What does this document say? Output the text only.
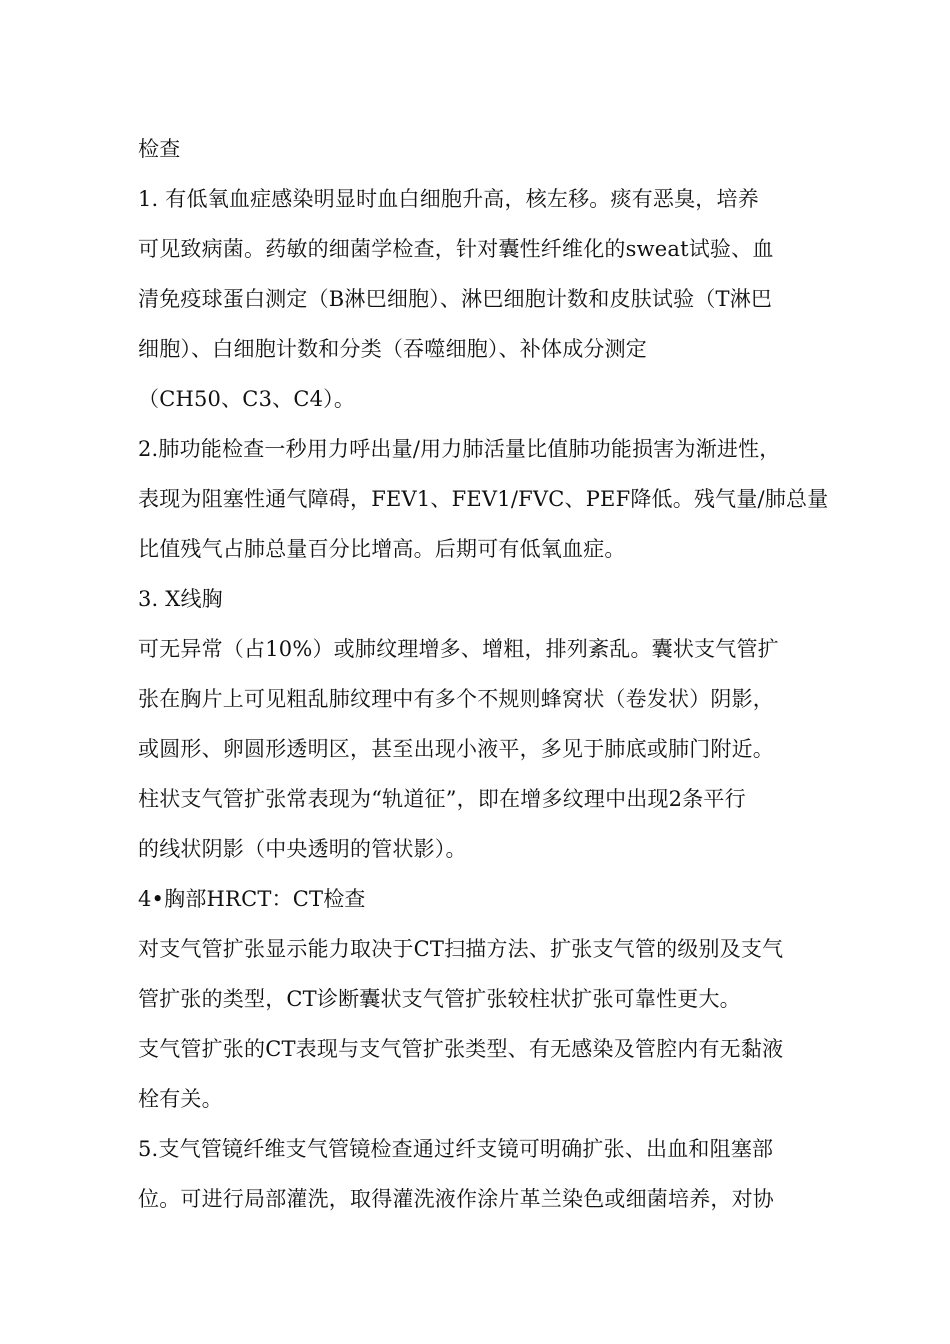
检查
1. 有低氧血症感染明显时血白细胞升高，核左移。痰有恶臭，培养
可见致病菌。药敏的细菌学检查，针对囊性纤维化的sweat试验、血
清免疫球蛋白测定（B淋巴细胞）、淋巴细胞计数和皮肤试验（T淋巴
细胞）、白细胞计数和分类（吞噬细胞）、补体成分测定
（CH50、C3、C4）。
2.肺功能检查一秒用力呼出量/用力肺活量比值肺功能损害为渐进性，
表现为阻塞性通气障碍，FEV1、FEV1/FVC、PEF降低。残气量/肺总量
比值残气占肺总量百分比增高。后期可有低氧血症。
3. X线胸
可无异常（占10%）或肺纹理增多、增粗，排列紊乱。囊状支气管扩
张在胸片上可见粗乱肺纹理中有多个不规则蜂窝状（卷发状）阴影，
或圆形、卵圆形透明区，甚至出现小液平，多见于肺底或肺门附近。
柱状支气管扩张常表现为“轨道征”，即在增多纹理中出现2条平行
的线状阴影（中央透明的管状影）。
4•胸部HRCT：CT检查
对支气管扩张显示能力取决于CT扫描方法、扩张支气管的级别及支气
管扩张的类型，CT诊断囊状支气管扩张较柱状扩张可靠性更大。
支气管扩张的CT表现与支气管扩张类型、有无感染及管腔内有无黏液
栓有关。
5.支气管镜纤维支气管镜检查通过纤支镜可明确扩张、出血和阻塞部
位。可进行局部灌洗，取得灌洗液作涂片革兰染色或细菌培养，对协
